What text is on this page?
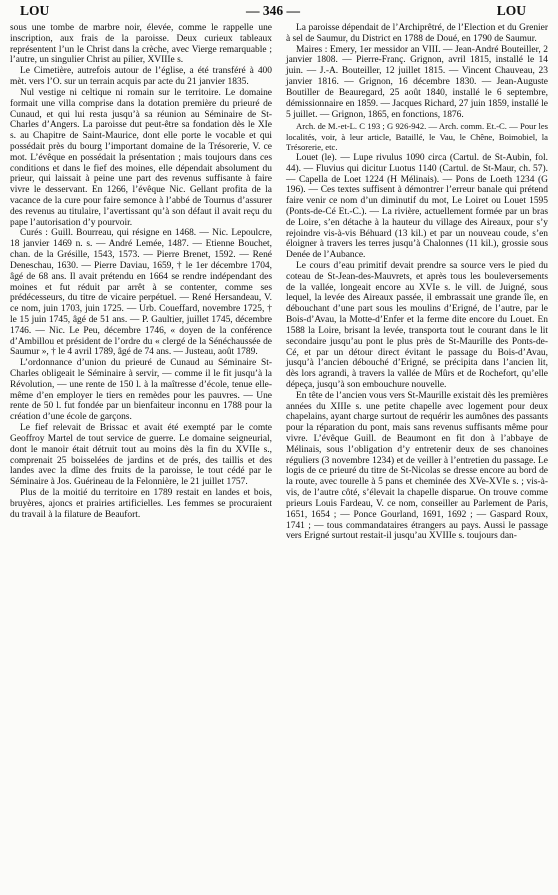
LOU	— 346 —	LOU

sous une tombe de marbre noir, élevée, comme le rappelle une inscription, aux frais de la paroisse. Deux curieux tableaux représentent l’un le Christ dans la crèche, avec Vierge remarquable ; l’autre, un singulier Christ au pilier, XVIIIe s.

Le Cimetière, autrefois autour de l’église, a été transféré à 400 mèt. vers l’O. sur un terrain acquis par acte du 21 janvier 1835.

Nul vestige ni celtique ni romain sur le territoire. Le domaine formait une villa comprise dans la dotation première du prieuré de Cunaud, et qui lui resta jusqu’à sa réunion au Séminaire de St-Charles d’Angers. La paroisse dut peut-être sa fondation dès le XIe s. au Chapitre de Saint-Maurice, dont elle porte le vocable et qui possédait près du bourg l’important domaine de la Trésorerie, V. ce mot. L’évêque en possédait la présentation ; mais toujours dans ces conditions et dans le fief des moines, elle dépendait absolument du prieur, qui laissait à peine une part des revenus suffisante à faire vivre le desservant. En 1266, l’évêque Nic. Gellant profita de la vacance de la cure pour faire semonce à l’abbé de Tournus d’assurer des revenus au titulaire, l’avertissant qu’à son défaut il avait reçu du pape l’autorisation d’y pourvoir.

Curés : Guill. Bourreau, qui résigne en 1468. — Nic. Lepoulcre, 18 janvier 1469 n. s. — André Lemée, 1487. — Etienne Bouchet, chan. de la Grésille, 1543, 1573. — Pierre Brenet, 1592. — René Deneschau, 1630. — Pierre Daviau, 1659, † le 1er décembre 1704, âgé de 68 ans. Il avait prétendu en 1664 se rendre indépendant des moines et fut réduit par arrêt à se contenter, comme ses prédécesseurs, du titre de vicaire perpétuel. — René Hersandeau, V. ce nom, juin 1703, juin 1725. — Urb. Coueffard, novembre 1725, † le 15 juin 1745, âgé de 51 ans. — P. Gaultier, juillet 1745, décembre 1746. — Nic. Le Peu, décembre 1746, « doyen de la conférence d’Ambillou et président de l’ordre du « clergé de la Sénéchaussée de Saumur », † le 4 avril 1789, âgé de 74 ans. — Justeau, août 1789.

L’ordonnance d’union du prieuré de Cunaud au Séminaire St-Charles obligeait le Séminaire à servir, — comme il le fit jusqu’à la Révolution, — une rente de 150 l. à la maîtresse d’école, tenue elle-même d’en employer le tiers en remèdes pour les pauvres. — Une rente de 50 l. fut fondée par un bienfaiteur inconnu en 1788 pour la création d’une école de garçons.

Le fief relevait de Brissac et avait été exempté par le comte Geoffroy Martel de tout service de guerre. Le domaine seigneurial, dont le manoir était détruit tout au moins dès la fin du XVIIe s., comprenait 25 boisselées de jardins et de prés, des taillis et des landes avec la dîme des fruits de la paroisse, le tout cédé par le Séminaire à Jos. Guérineau de la Felonnière, le 21 juillet 1757.

Plus de la moitié du territoire en 1789 restait en landes et bois, bruyères, ajoncs et prairies artificielles. Les femmes se procuraient du travail à la filature de Beaufort.

La paroisse dépendait de l’Archiprêtré, de l’Election et du Grenier à sel de Saumur, du District en 1788 de Doué, en 1790 de Saumur.

Maires : Emery, 1er messidor an VIII. — Jean-André Bouteiller, 2 janvier 1808. — Pierre-Franç. Grignon, avril 1815, installé le 14 juin. — J.-A. Bouteiller, 12 juillet 1815. — Vincent Chauveau, 23 janvier 1816. — Grignon, 16 décembre 1830. — Jean-Auguste Boutiller de Beauregard, 25 août 1840, installé le 6 septembre, démissionnaire en 1859. — Jacques Richard, 27 juin 1859, installé le 5 juillet. — Grignon, 1865, en fonctions, 1876.

Arch. de M.-et-L. C 193 ; G 926-942. — Arch. comm. Et.-C. — Pour les localités, voir, à leur article, Bataillé, le Vau, le Chêne, Boimobiel, la Trésorerie, etc.

Louet (le). — Lupe rivulus 1090 circa (Cartul. de St-Aubin, fol. 44). — Fluvius qui dicitur Luotus 1140 (Cartul. de St-Maur, ch. 57). — Capella de Loet 1224 (H Mélinais). — Pons de Loeth 1234 (G 196). — Ces textes suffisent à démontrer l’erreur banale qui prétend faire venir ce nom d’un diminutif du mot, Le Loiret ou Louet 1595 (Ponts-de-Cé Et.-C.). — La rivière, actuellement formée par un bras de Loire, s’en détache à la hauteur du village des Aireaux, pour s’y rejoindre vis-à-vis Béhuard (13 kil.) et par un nouveau coude, s’en éloigner à travers les terres jusqu’à Chalonnes (11 kil.), grossie sous Denée de l’Aubance.

Le cours d’eau primitif devait prendre sa source vers le pied du coteau de St-Jean-des-Mauvrets, et après tous les bouleversements de la vallée, longeait encore au XVIe s. le vill. de Juigné, sous lequel, la levée des Aireaux passée, il embrassait une grande île, en débouchant d’une part sous les moulins d’Erigné, de l’autre, par le Bois-d’Avau, la Motte-d’Enfer et la ferme dite encore du Louet. En 1588 la Loire, brisant la levée, transporta tout le courant dans le lit secondaire jusqu’au pont le plus près de St-Maurille des Ponts-de-Cé, et par un détour direct évitant le passage du Bois-d’Avau, jusqu’à l’ancien débouché d’Erigné, se précipita dans l’ancien lit, dès lors agrandi, à travers la vallée de Mûrs et de Rochefort, qu’elle dépeça, jusqu’à son embouchure nouvelle.

En tête de l’ancien vous vers St-Maurille existait dès les premières années du XIIIe s. une petite chapelle avec logement pour deux chapelains, ayant charge surtout de requérir les aumônes des passants pour la réparation du pont, mais sans revenus suffisants même pour vivre. L’évêque Guill. de Beaumont en fit don à l’abbaye de Mélinais, sous l’obligation d’y entretenir deux de ses chanoines réguliers (3 novembre 1234) et de veiller à l’entretien du passage. Le logis de ce prieuré du titre de St-Nicolas se dresse encore au bord de la route, avec tourelle à 5 pans et cheminée des XVe-XVIe s. ; vis-à-vis, de l’autre côté, s’élevait la chapelle disparue. On trouve comme prieurs Louis Fardeau, V. ce nom, conseiller au Parlement de Paris, 1651, 1654 ; — Ponce Gourland, 1691, 1692 ; — Gaspard Roux, 1741 ; — tous commandataires étrangers au pays. Aussi le passage vers Erigné surtout restait-il jusqu’au XVIIIe s. toujours dan-
